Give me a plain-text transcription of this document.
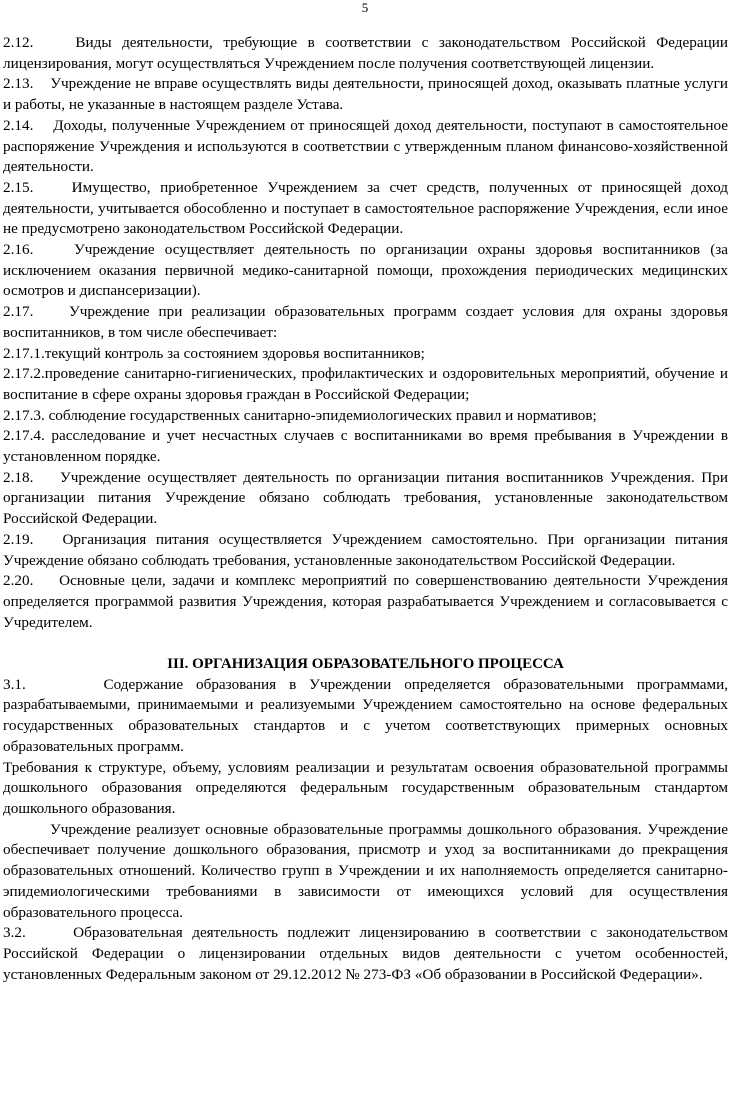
5

2.12.    Виды деятельности, требующие в соответствии с законодательством Российской Федерации лицензирования, могут осуществляться Учреждением после получения соответствующей лицензии.

2.13.    Учреждение не вправе осуществлять виды деятельности, приносящей доход, оказывать платные услуги и работы, не указанные в настоящем разделе Устава.

2.14.    Доходы, полученные Учреждением от приносящей доход деятельности, поступают в самостоятельное распоряжение Учреждения и используются в соответствии с утвержденным планом финансово-хозяйственной деятельности.

2.15.    Имущество, приобретенное Учреждением за счет средств, полученных от приносящей доход деятельности, учитывается обособленно и поступает в самостоятельное распоряжение Учреждения, если иное не предусмотрено законодательством Российской Федерации.

2.16.    Учреждение осуществляет деятельность по организации охраны здоровья воспитанников (за исключением оказания первичной медико-санитарной помощи, прохождения периодических медицинских осмотров и диспансеризации).

2.17.    Учреждение при реализации образовательных программ создает условия для охраны здоровья воспитанников, в том числе обеспечивает:

2.17.1.текущий контроль за состоянием здоровья воспитанников;

2.17.2.проведение санитарно-гигиенических, профилактических и оздоровительных мероприятий, обучение и воспитание в сфере охраны здоровья граждан в Российской Федерации;

2.17.3. соблюдение государственных санитарно-эпидемиологических правил и нормативов;

2.17.4. расследование и учет несчастных случаев с воспитанниками во время пребывания в Учреждении в установленном порядке.

2.18.    Учреждение осуществляет деятельность по организации питания воспитанников Учреждения. При организации питания Учреждение обязано соблюдать требования, установленные законодательством Российской Федерации.

2.19.   Организация питания осуществляется Учреждением самостоятельно. При организации питания Учреждение обязано соблюдать требования, установленные законодательством Российской Федерации.

2.20.    Основные цели, задачи и комплекс мероприятий по совершенствованию деятельности Учреждения определяется программой развития Учреждения, которая разрабатывается Учреждением и согласовывается с Учредителем.

III. ОРГАНИЗАЦИЯ ОБРАЗОВАТЕЛЬНОГО ПРОЦЕССА

3.1.      Содержание образования в Учреждении определяется образовательными программами, разрабатываемыми, принимаемыми и реализуемыми Учреждением самостоятельно на основе федеральных государственных образовательных стандартов и с учетом соответствующих примерных основных образовательных программ.

Требования к структуре, объему, условиям реализации и результатам освоения образовательной программы дошкольного образования определяются федеральным государственным образовательным стандартом дошкольного образования.

Учреждение реализует основные образовательные программы дошкольного образования. Учреждение обеспечивает получение дошкольного образования, присмотр и уход за воспитанниками до прекращения образовательных отношений. Количество групп в Учреждении и их наполняемость определяется санитарно-эпидемиологическими требованиями в зависимости от имеющихся условий для осуществления образовательного процесса.

3.2.     Образовательная деятельность подлежит лицензированию в соответствии с законодательством Российской Федерации о лицензировании отдельных видов деятельности с учетом особенностей, установленных Федеральным законом от 29.12.2012 № 273-ФЗ «Об образовании в Российской Федерации».
